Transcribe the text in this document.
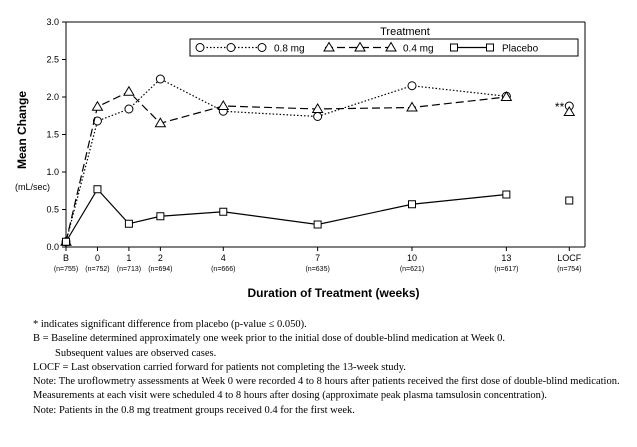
0.0
0.5
1.0
1.5
2.0
2.5
3.0
Mean Change
(mL/sec)
B
(n=755)
0
(n=752)
1
(n=713)
2
(n=694)
4
(n=666)
7
(n=635)
10
(n=621)
13
(n=617)
LOCF
(n=754)
Duration of Treatment (weeks)
**
Treatment
0.8 mg	0.4 mg	Placebo

* indicates significant difference from placebo (p-value ≤ 0.050).

B = Baseline determined approximately one week prior to the initial dose of double-blind medication at Week 0.

Subsequent values are observed cases.

LOCF = Last observation carried forward for patients not completing the 13-week study.

Note: The uroflowmetry assessments at Week 0 were recorded 4 to 8 hours after patients received the first dose of double-blind medication. Measurements at each visit were scheduled 4 to 8 hours after dosing (approximate peak plasma tamsulosin concentration).

Note: Patients in the 0.8 mg treatment groups received 0.4 for the first week.
